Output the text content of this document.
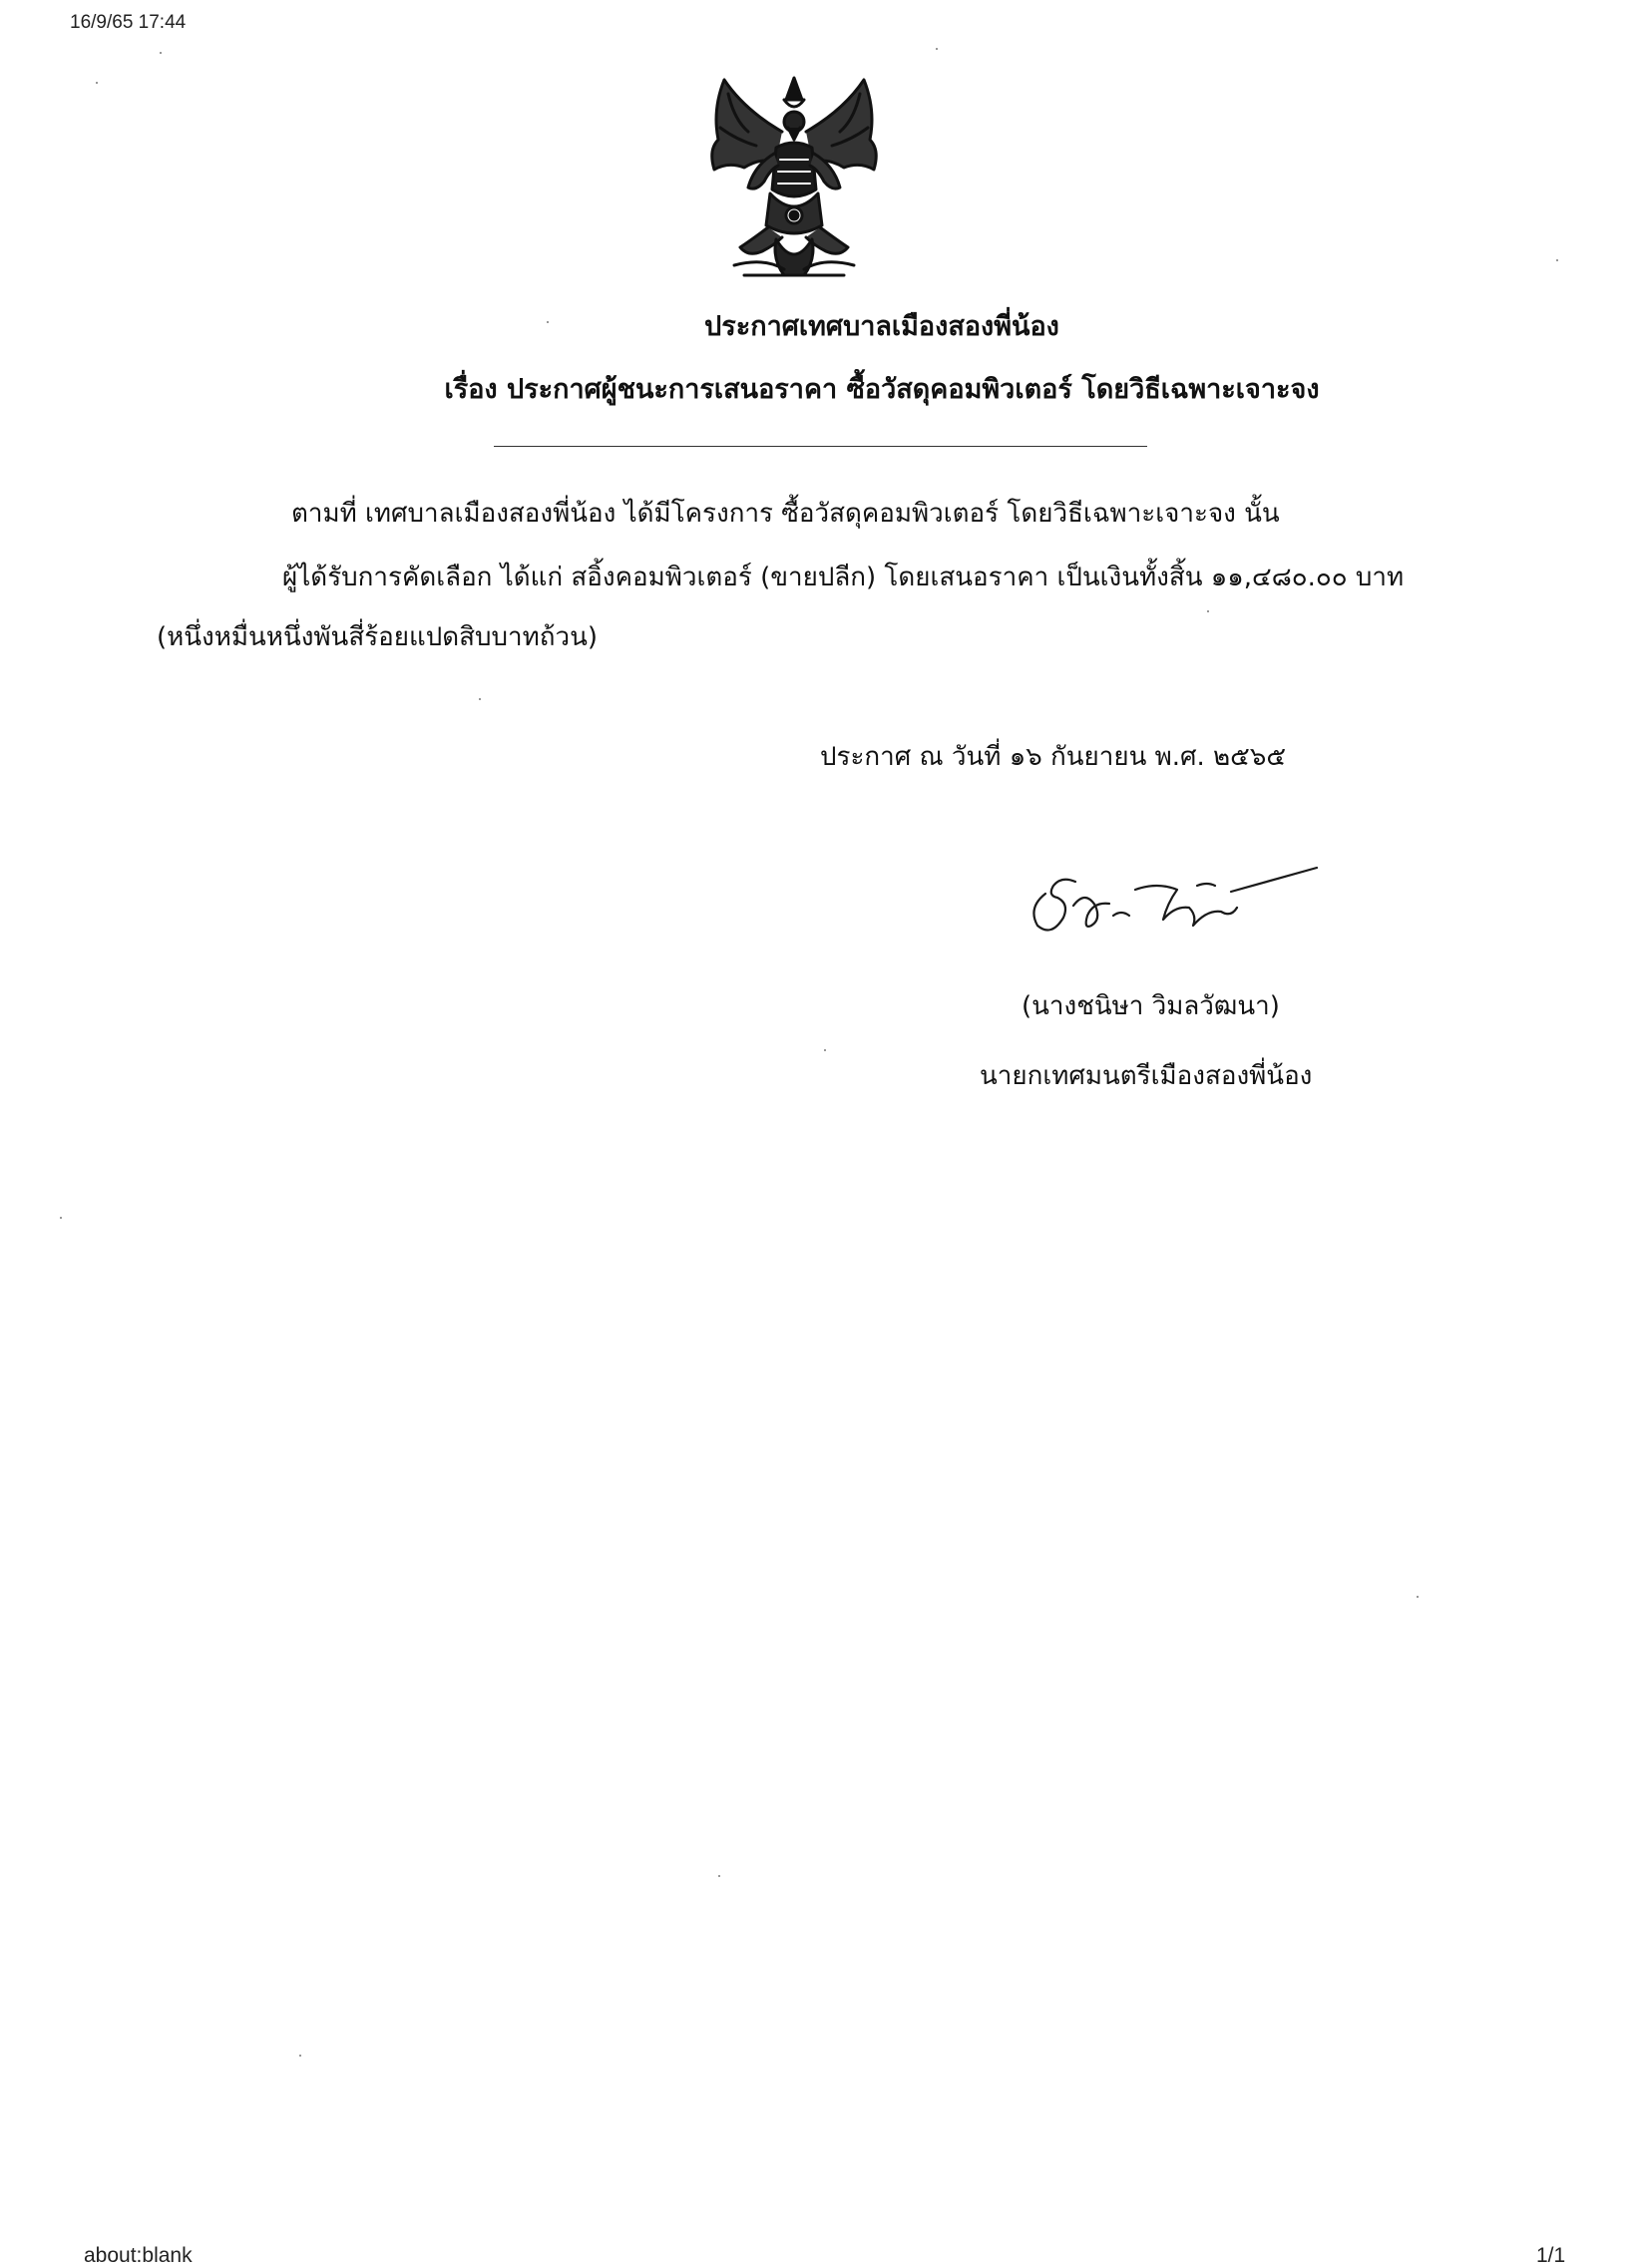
16/9/65 17:44
ประกาศเทศบาลเมืองสองพี่น้อง
เรื่อง ประกาศผู้ชนะการเสนอราคา ซื้อวัสดุคอมพิวเตอร์ โดยวิธีเฉพาะเจาะจง
ตามที่ เทศบาลเมืองสองพี่น้อง ได้มีโครงการ ซื้อวัสดุคอมพิวเตอร์ โดยวิธีเฉพาะเจาะจง นั้น
ผู้ได้รับการคัดเลือก ได้แก่ สอิ้งคอมพิวเตอร์ (ขายปลีก) โดยเสนอราคา เป็นเงินทั้งสิ้น ๑๑,๔๘๐.๐๐ บาท
(หนึ่งหมื่นหนึ่งพันสี่ร้อยแปดสิบบาทถ้วน)
ประกาศ ณ วันที่ ๑๖ กันยายน พ.ศ. ๒๕๖๕
(นางชนิษา วิมลวัฒนา)
นายกเทศมนตรีเมืองสองพี่น้อง
about:blank	1/1
